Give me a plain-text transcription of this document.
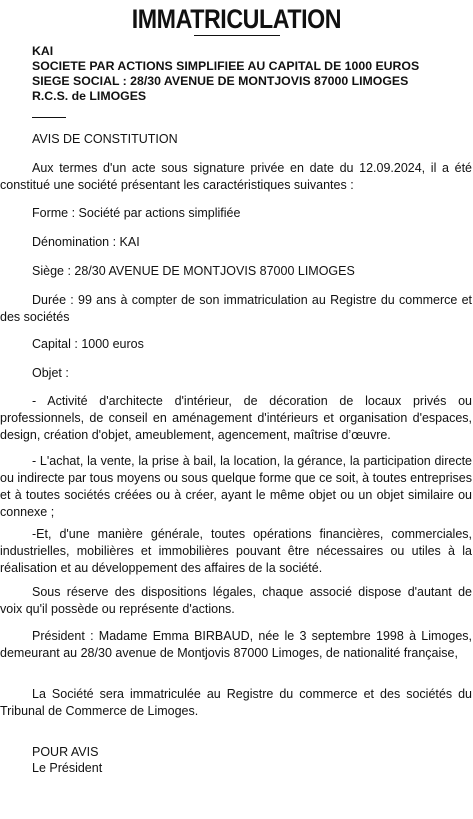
IMMATRICULATION
KAI
SOCIETE PAR ACTIONS SIMPLIFIEE AU CAPITAL DE 1000 EUROS
SIEGE SOCIAL : 28/30 AVENUE DE MONTJOVIS 87000 LIMOGES
R.C.S. de LIMOGES

AVIS DE CONSTITUTION

Aux termes d'un acte sous signature privée en date du 12.09.2024, il a été constitué une société présentant les caractéristiques suivantes :

Forme : Société par actions simplifiée

Dénomination : KAI

Siège : 28/30 AVENUE DE MONTJOVIS 87000 LIMOGES

Durée : 99 ans à compter de son immatriculation au Registre du commerce et des sociétés

Capital : 1000 euros

Objet :

- Activité d'architecte d'intérieur, de décoration de locaux privés ou professionnels, de conseil en aménagement d'intérieurs et organisation d'espaces, design, création d'objet, ameublement, agencement, maîtrise d’œuvre.

- L'achat, la vente, la prise à bail, la location, la gérance, la participation directe ou indirecte par tous moyens ou sous quelque forme que ce soit, à toutes entreprises et à toutes sociétés créées ou à créer, ayant le même objet ou un objet similaire ou connexe ;

-Et, d'une manière générale, toutes opérations financières, commerciales, industrielles, mobilières et immobilières pouvant être nécessaires ou utiles à la réalisation et au développement des affaires de la société.

Sous réserve des dispositions légales, chaque associé dispose d'autant de voix qu'il possède ou représente d'actions.

Président : Madame Emma BIRBAUD, née le 3 septembre 1998 à Limoges, demeurant au 28/30 avenue de Montjovis 87000 Limoges, de nationalité française,

La Société sera immatriculée au Registre du commerce et des sociétés du Tribunal de Commerce de Limoges.

POUR AVIS

Le Président
